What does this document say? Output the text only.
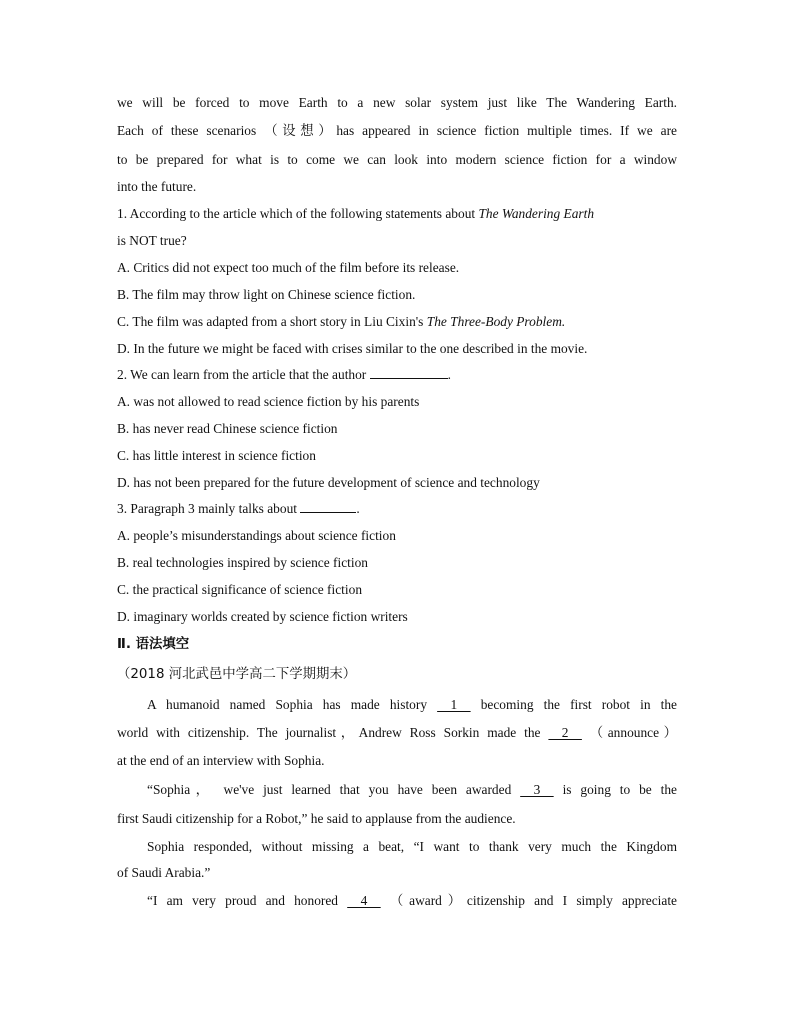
we will be forced to move Earth to a new solar system just like The Wandering Earth.
Each of these scenarios （设想）has appeared in science fiction multiple times. If we are
to be prepared for what is to come we can look into modern science fiction for a window
into the future.
1. According to the article which of the following statements about The Wandering Earth
is NOT true?
A. Critics did not expect too much of the film before its release.
B. The film may throw light on Chinese science fiction.
C. The film was adapted from a short story in Liu Cixin's The Three-Body Problem.
D. In the future we might be faced with crises similar to the one described in the movie.
2. We can learn from the article that the author	.
A. was not allowed to read science fiction by his parents
B. has never read Chinese science fiction
C. has little interest in science fiction
D. has not been prepared for the future development of science and technology
3. Paragraph 3 mainly talks about	.
A. people’s misunderstandings about science fiction
B. real technologies inspired by science fiction
C. the practical significance of science fiction
D. imaginary worlds created by science fiction writers
Ⅱ. 语法填空
（2018 河北武邑中学高二下学期期末）
A humanoid named Sophia has made history     1     becoming the first robot in the
world with citizenship. The journalist，Andrew Ross Sorkin made the     2     （announce）
at the end of an interview with Sophia.
“Sophia， we've just learned that you have been awarded     3     is going to be the
first Saudi citizenship for a Robot,” he said to applause from the audience.
Sophia responded, without missing a beat, “I want to thank very much the Kingdom
of Saudi Arabia.”
“I am very proud and honored     4     （award）citizenship and I simply appreciate
